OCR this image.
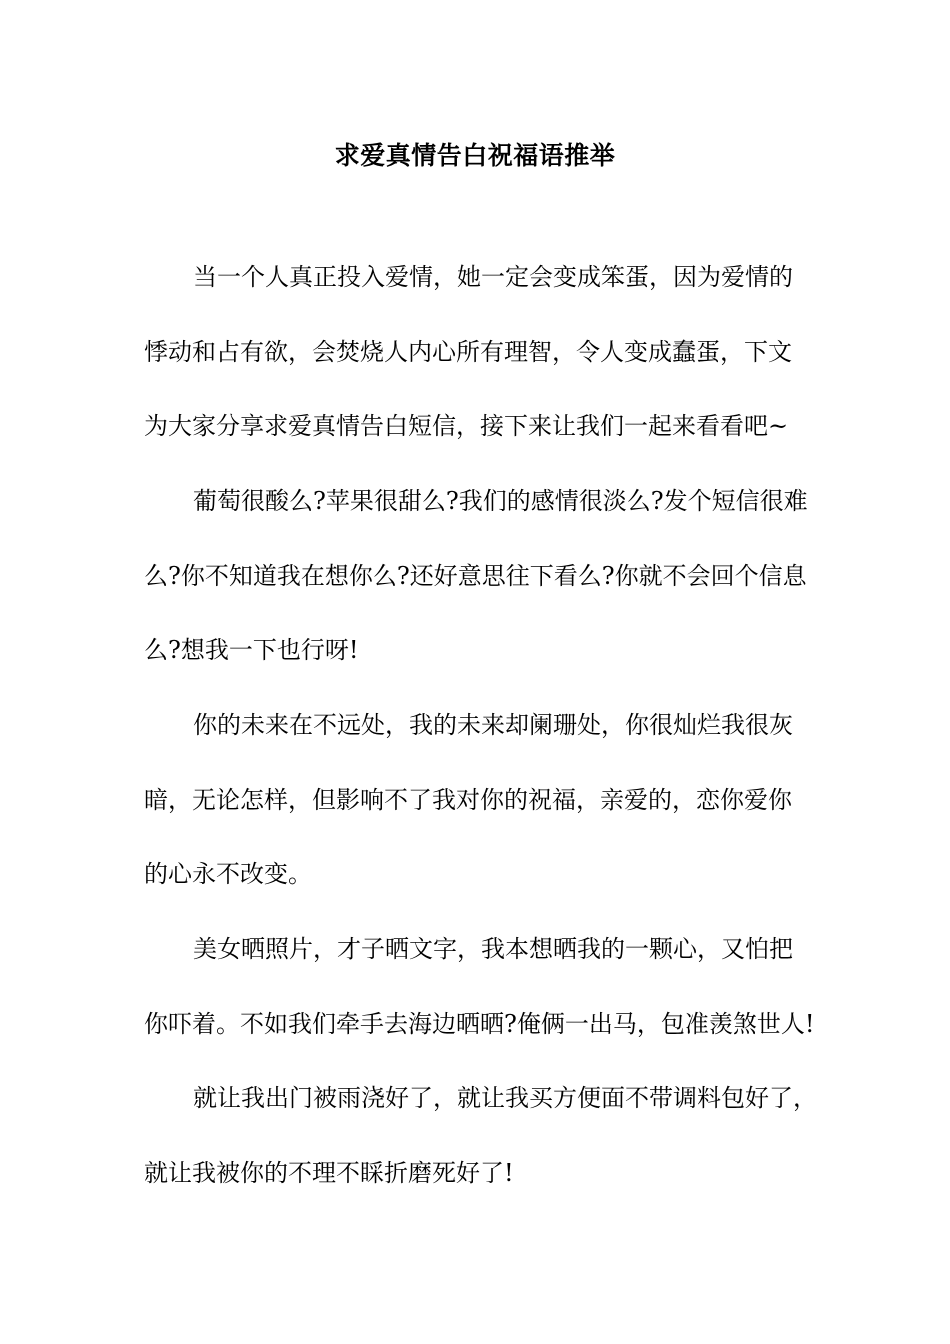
求爱真情告白祝福语推举
当一个人真正投入爱情，她一定会变成笨蛋，因为爱情的
悸动和占有欲，会焚烧人内心所有理智，令人变成蠢蛋，下文
为大家分享求爱真情告白短信，接下来让我们一起来看看吧~
葡萄很酸么?苹果很甜么?我们的感情很淡么?发个短信很难
么?你不知道我在想你么?还好意思往下看么?你就不会回个信息
么?想我一下也行呀!
你的未来在不远处，我的未来却阑珊处，你很灿烂我很灰
暗，无论怎样，但影响不了我对你的祝福，亲爱的，恋你爱你
的心永不改变。
美女晒照片，才子晒文字，我本想晒我的一颗心，又怕把
你吓着。不如我们牵手去海边晒晒?俺俩一出马，包准羡煞世人!
就让我出门被雨浇好了，就让我买方便面不带调料包好了，
就让我被你的不理不睬折磨死好了!
